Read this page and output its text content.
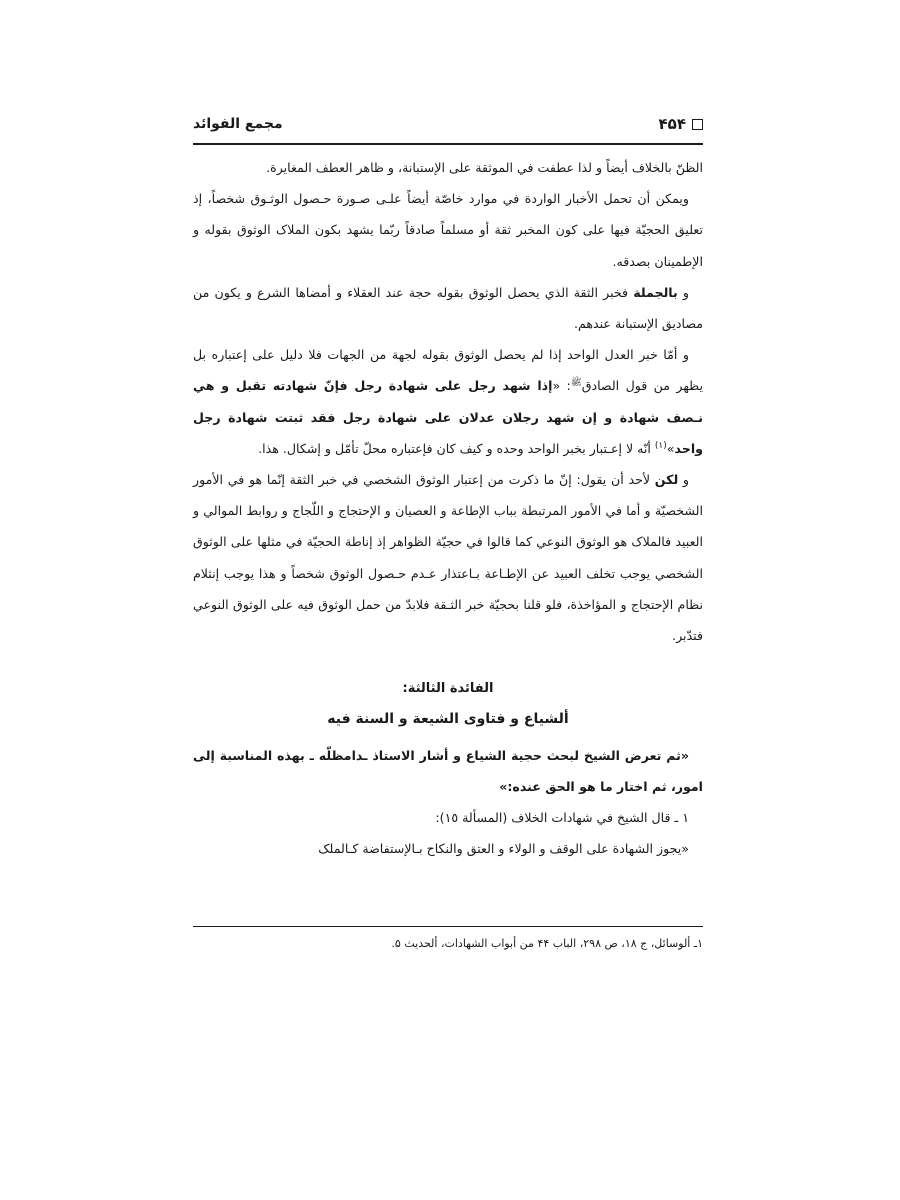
۴۵۴
مجمع الفوائد

الظنّ بالخلاف أيضاً و لذا عطفت في الموثقة على الإستبانة، و ظاهر العطف المغايرة.

ويمكن أن تحمل الأخبار الواردة في موارد خاصّة أيضاً علـى صـورة حـصول الوثـوق شخصاً، إذ تعليق الحجيّة فيها على كون المخبر ثقة أو مسلماً صادقاً ربّما يشهد بكون الملاک الوثوق بقوله و الإطمينان بصدقه.

و بالجملة فخبر الثقة الذي يحصل الوثوق بقوله حجة عند العقلاء و أمضاها الشرع و يكون من مصاديق الإستبانة عندهم.

و أمّا خبر العدل الواحد إذا لم يحصل الوثوق بقوله لجهة من الجهات فلا دليل على إعتباره بل يظهر من قول الصادق$^ﷺ$: «إذا شهد رجل على شهادة رجل فإنّ شهادته تقبل و هي نـصف شهادة و إن شهد رجلان عدلان على شهادة رجل فقد ثبتت شهادة رجل واحد»$^{(١)}$ أنّه لا إعـتبار بخبر الواحد وحده و كيف كان فإعتباره محلّ تأمّل و إشكال. هذا.

و لكن لأحد أن يقول: إنّ ما ذكرت من إعتبار الوثوق الشخصي في خبر الثقة إنّما هو في الأمور الشخصيّة و أما في الأمور المرتبطة بباب الإطاعة و العصيان و الإحتجاج و اللّجاج و روابط الموالي و العبيد فالملاک هو الوثوق النوعي كما قالوا في حجيّة الظواهر إذ إناطة الحجيّة في مثلها على الوثوق الشخصي يوجب تخلف العبيد عن الإطـاعة بـاعتذار عـدم حـصول الوثوق شخصاً و هذا يوجب إنثلام نظام الإحتجاج و المؤاخذة، فلو قلنا بحجيّة خبر الثـقة فلابدّ من حمل الوثوق فيه على الوثوق النوعي فتدّبر.

الفائدة الثالثة:

ألشياع و فتاوى الشيعة و السنة فيه

«ثم تعرض الشيخ لبحث حجية الشياع و أشار الاستاذ ـدامظلّه ـ بهذه المناسبة إلى امور، ثم اختار ما هو الحق عنده:»

١ ـ قال الشيخ في شهادات الخلاف (المسألة ١٥):

«يجوز الشهادة على الوقف و الولاء و العتق والنكاح بـالإستفاضة كـالملک

١ـ ألوسائل، ج ١٨، ص ٢٩٨، الباب ۴۴ من أبواب الشهادات، ألحديث ۵.
